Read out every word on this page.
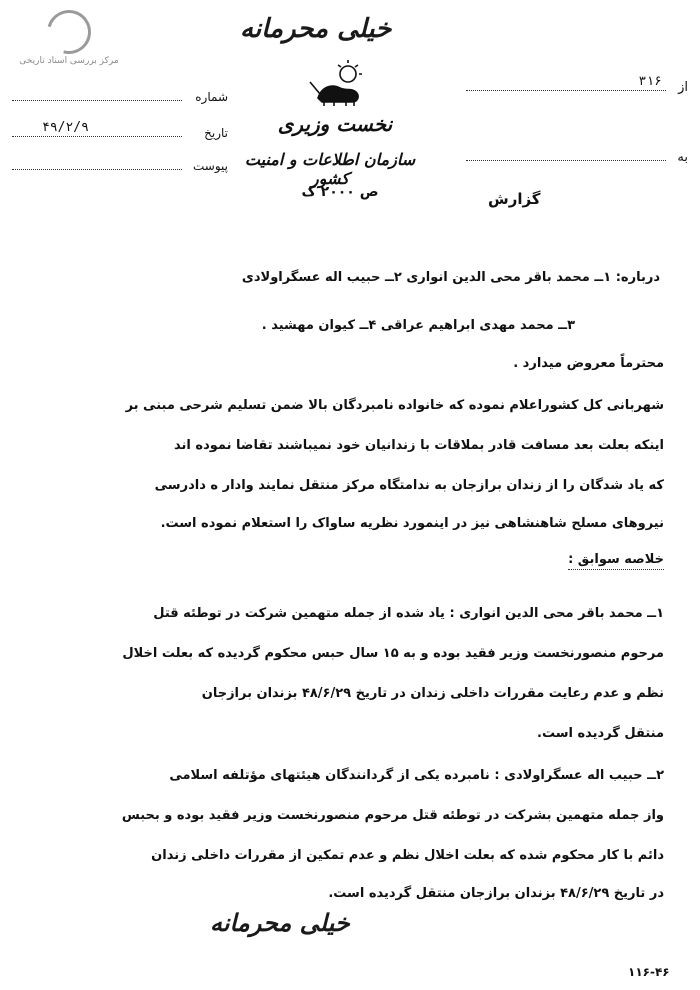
مرکز بررسی اسناد تاریخی
خیلی محرمانه
نخست وزیری
سازمان اطلاعات و امنیت کشور
ص ۲۰۰۰ ک
شماره
تاریخ
۴۹/۲/۹
پیوست
از
۳۱۶
به
گزارش
درباره: ۱ــ محمد باقر محی الدین انواری ۲ــ حبیب اله عسگراولادی
۳ــ محمد مهدی ابراهیم عراقی ۴ــ کیوان مهشید .
محترماً معروض میدارد .
شهربانی کل کشوراعلام نموده که خانواده نامبردگان بالا ضمن تسلیم شرحی مبنی بر
اینکه بعلت بعد مسافت قادر بملاقات با زندانیان خود نمیباشند تقاضا نموده اند
که یاد شدگان را از زندان برازجان به ندامتگاه مرکز منتقل نمایند وادار ه دادرسی
نیروهای مسلح شاهنشاهی نیز در اینمورد نظریه ساواک را استعلام نموده است.
خلاصه سوابق :
۱ــ محمد باقر محی الدین انواری : یاد شده از جمله متهمین شرکت در توطئه قتل
مرحوم منصورنخست وزیر فقید بوده و به ۱۵ سال حبس محکوم گردیده که بعلت اخلال
نظم و عدم رعایت مقررات داخلی زندان در تاریخ ۴۸/۶/۲۹ بزندان برازجان
منتقل گردیده است.
۲ــ حبیب اله عسگراولادی : نامبرده یکی از گردانندگان هیئتهای مؤتلفه اسلامی
واز جمله متهمین بشرکت در توطئه قتل مرحوم منصورنخست وزیر فقید بوده و بحبس
دائم با کار محکوم شده که بعلت اخلال نظم و عدم تمکین از مقررات داخلی زندان
در تاریخ ۴۸/۶/۲۹ بزندان برازجان منتقل گردیده است.
خیلی محرمانه
۱۱۶-۴۶
